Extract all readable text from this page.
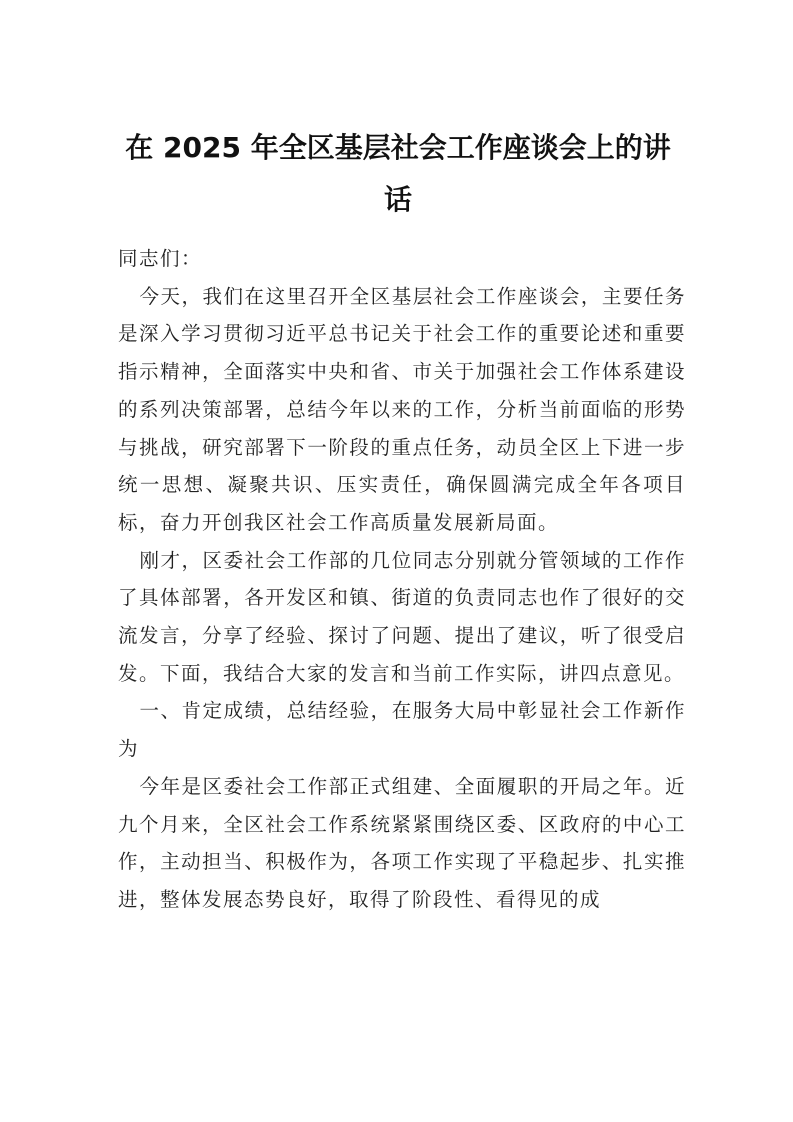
在 2025 年全区基层社会工作座谈会上的讲话

同志们：

今天，我们在这里召开全区基层社会工作座谈会，主要任务是深入学习贯彻习近平总书记关于社会工作的重要论述和重要指示精神，全面落实中央和省、市关于加强社会工作体系建设的系列决策部署，总结今年以来的工作，分析当前面临的形势与挑战，研究部署下一阶段的重点任务，动员全区上下进一步统一思想、凝聚共识、压实责任，确保圆满完成全年各项目标，奋力开创我区社会工作高质量发展新局面。

刚才，区委社会工作部的几位同志分别就分管领域的工作作了具体部署，各开发区和镇、街道的负责同志也作了很好的交流发言，分享了经验、探讨了问题、提出了建议，听了很受启发。下面，我结合大家的发言和当前工作实际，讲四点意见。

一、肯定成绩，总结经验，在服务大局中彰显社会工作新作为

今年是区委社会工作部正式组建、全面履职的开局之年。近九个月来，全区社会工作系统紧紧围绕区委、区政府的中心工作，主动担当、积极作为，各项工作实现了平稳起步、扎实推进，整体发展态势良好，取得了阶段性、看得见的成
